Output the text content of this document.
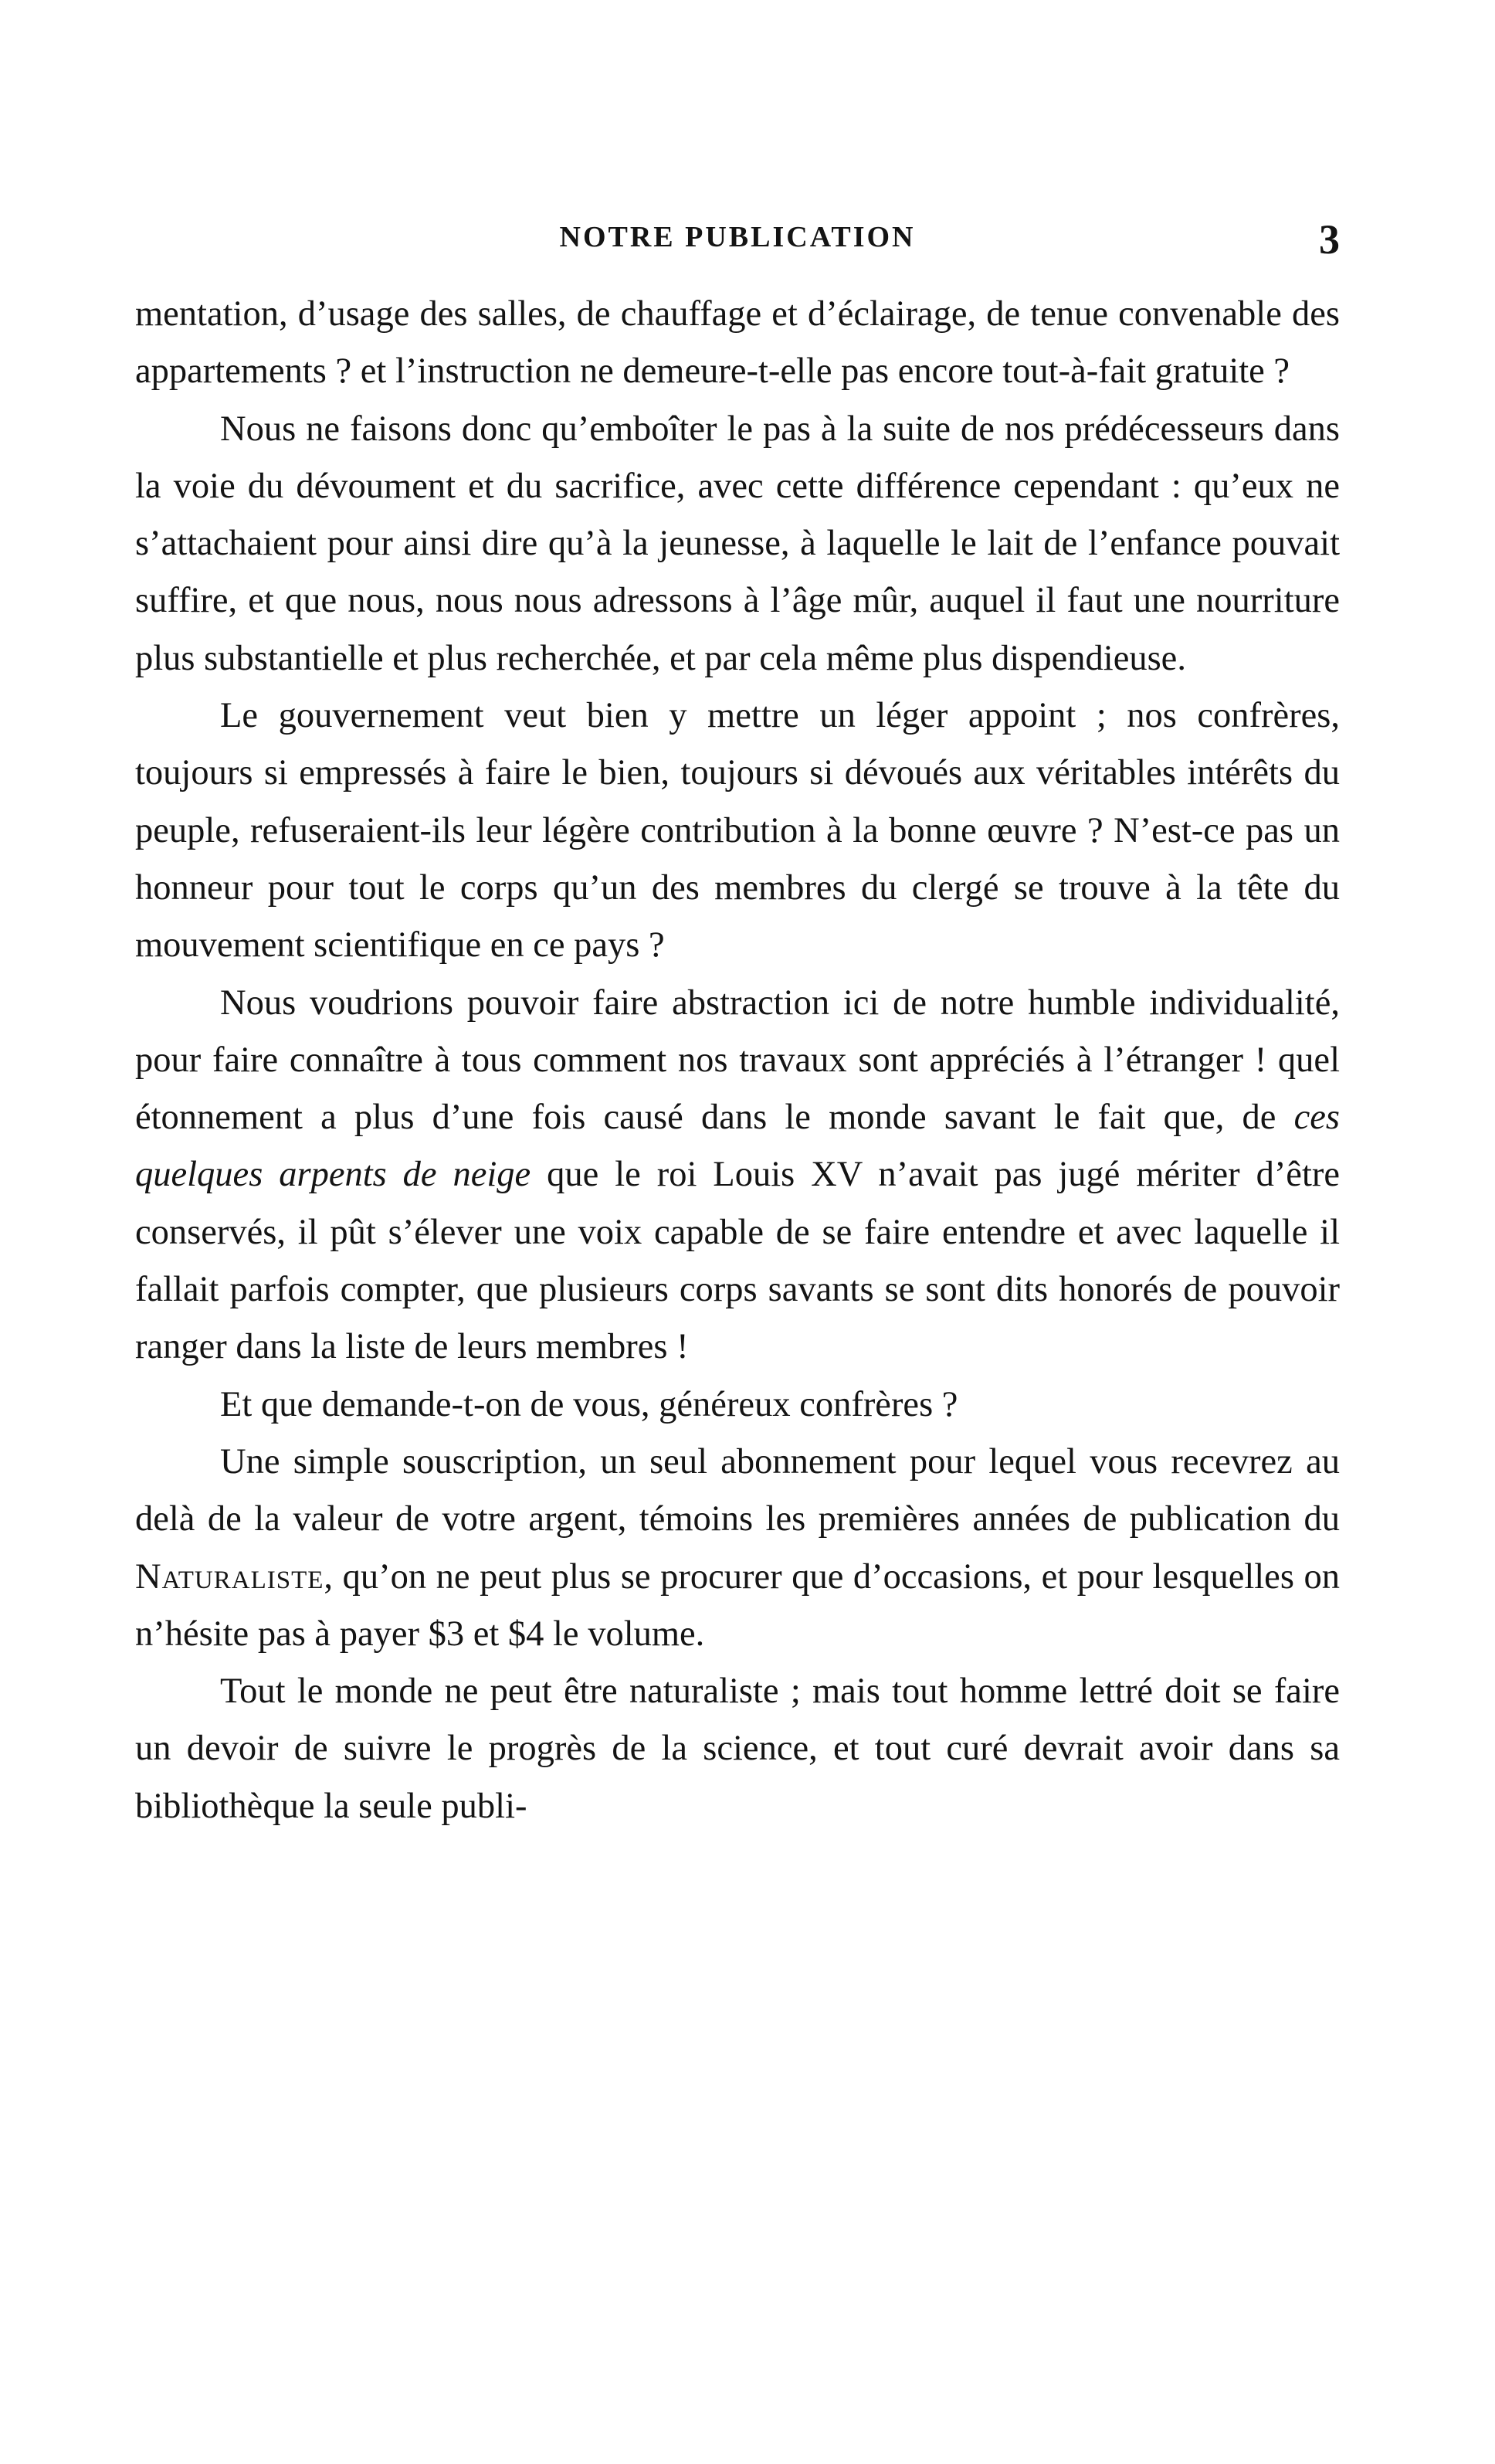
NOTRE PUBLICATION	3

mentation, d’usage des salles, de chauffage et d’éclairage, de tenue convenable des appartements ? et l’instruction ne demeure-t-elle pas encore tout-à-fait gratuite ?

Nous ne faisons donc qu’emboîter le pas à la suite de nos prédécesseurs dans la voie du dévoument et du sacrifice, avec cette différence cependant : qu’eux ne s’attachaient pour ainsi dire qu’à la jeunesse, à laquelle le lait de l’enfance pouvait suffire, et que nous, nous nous adressons à l’âge mûr, auquel il faut une nourriture plus substantielle et plus recherchée, et par cela même plus dispendieuse.

Le gouvernement veut bien y mettre un léger appoint ; nos confrères, toujours si empressés à faire le bien, toujours si dévoués aux véritables intérêts du peuple, refuseraient-ils leur légère contribution à la bonne œuvre ? N’est-ce pas un honneur pour tout le corps qu’un des membres du clergé se trouve à la tête du mouvement scientifique en ce pays ?

Nous voudrions pouvoir faire abstraction ici de notre humble individualité, pour faire connaître à tous comment nos travaux sont appréciés à l’étranger ! quel étonnement a plus d’une fois causé dans le monde savant le fait que, de ces quelques arpents de neige que le roi Louis XV n’avait pas jugé mériter d’être conservés, il pût s’élever une voix capable de se faire entendre et avec laquelle il fallait parfois compter, que plusieurs corps savants se sont dits honorés de pouvoir ranger dans la liste de leurs membres !

Et que demande-t-on de vous, généreux confrères ?

Une simple souscription, un seul abonnement pour lequel vous recevrez au delà de la valeur de votre argent, témoins les premières années de publication du Naturaliste, qu’on ne peut plus se procurer que d’occasions, et pour lesquelles on n’hésite pas à payer $3 et $4 le volume.

Tout le monde ne peut être naturaliste ; mais tout homme lettré doit se faire un devoir de suivre le progrès de la science, et tout curé devrait avoir dans sa bibliothèque la seule publi-
